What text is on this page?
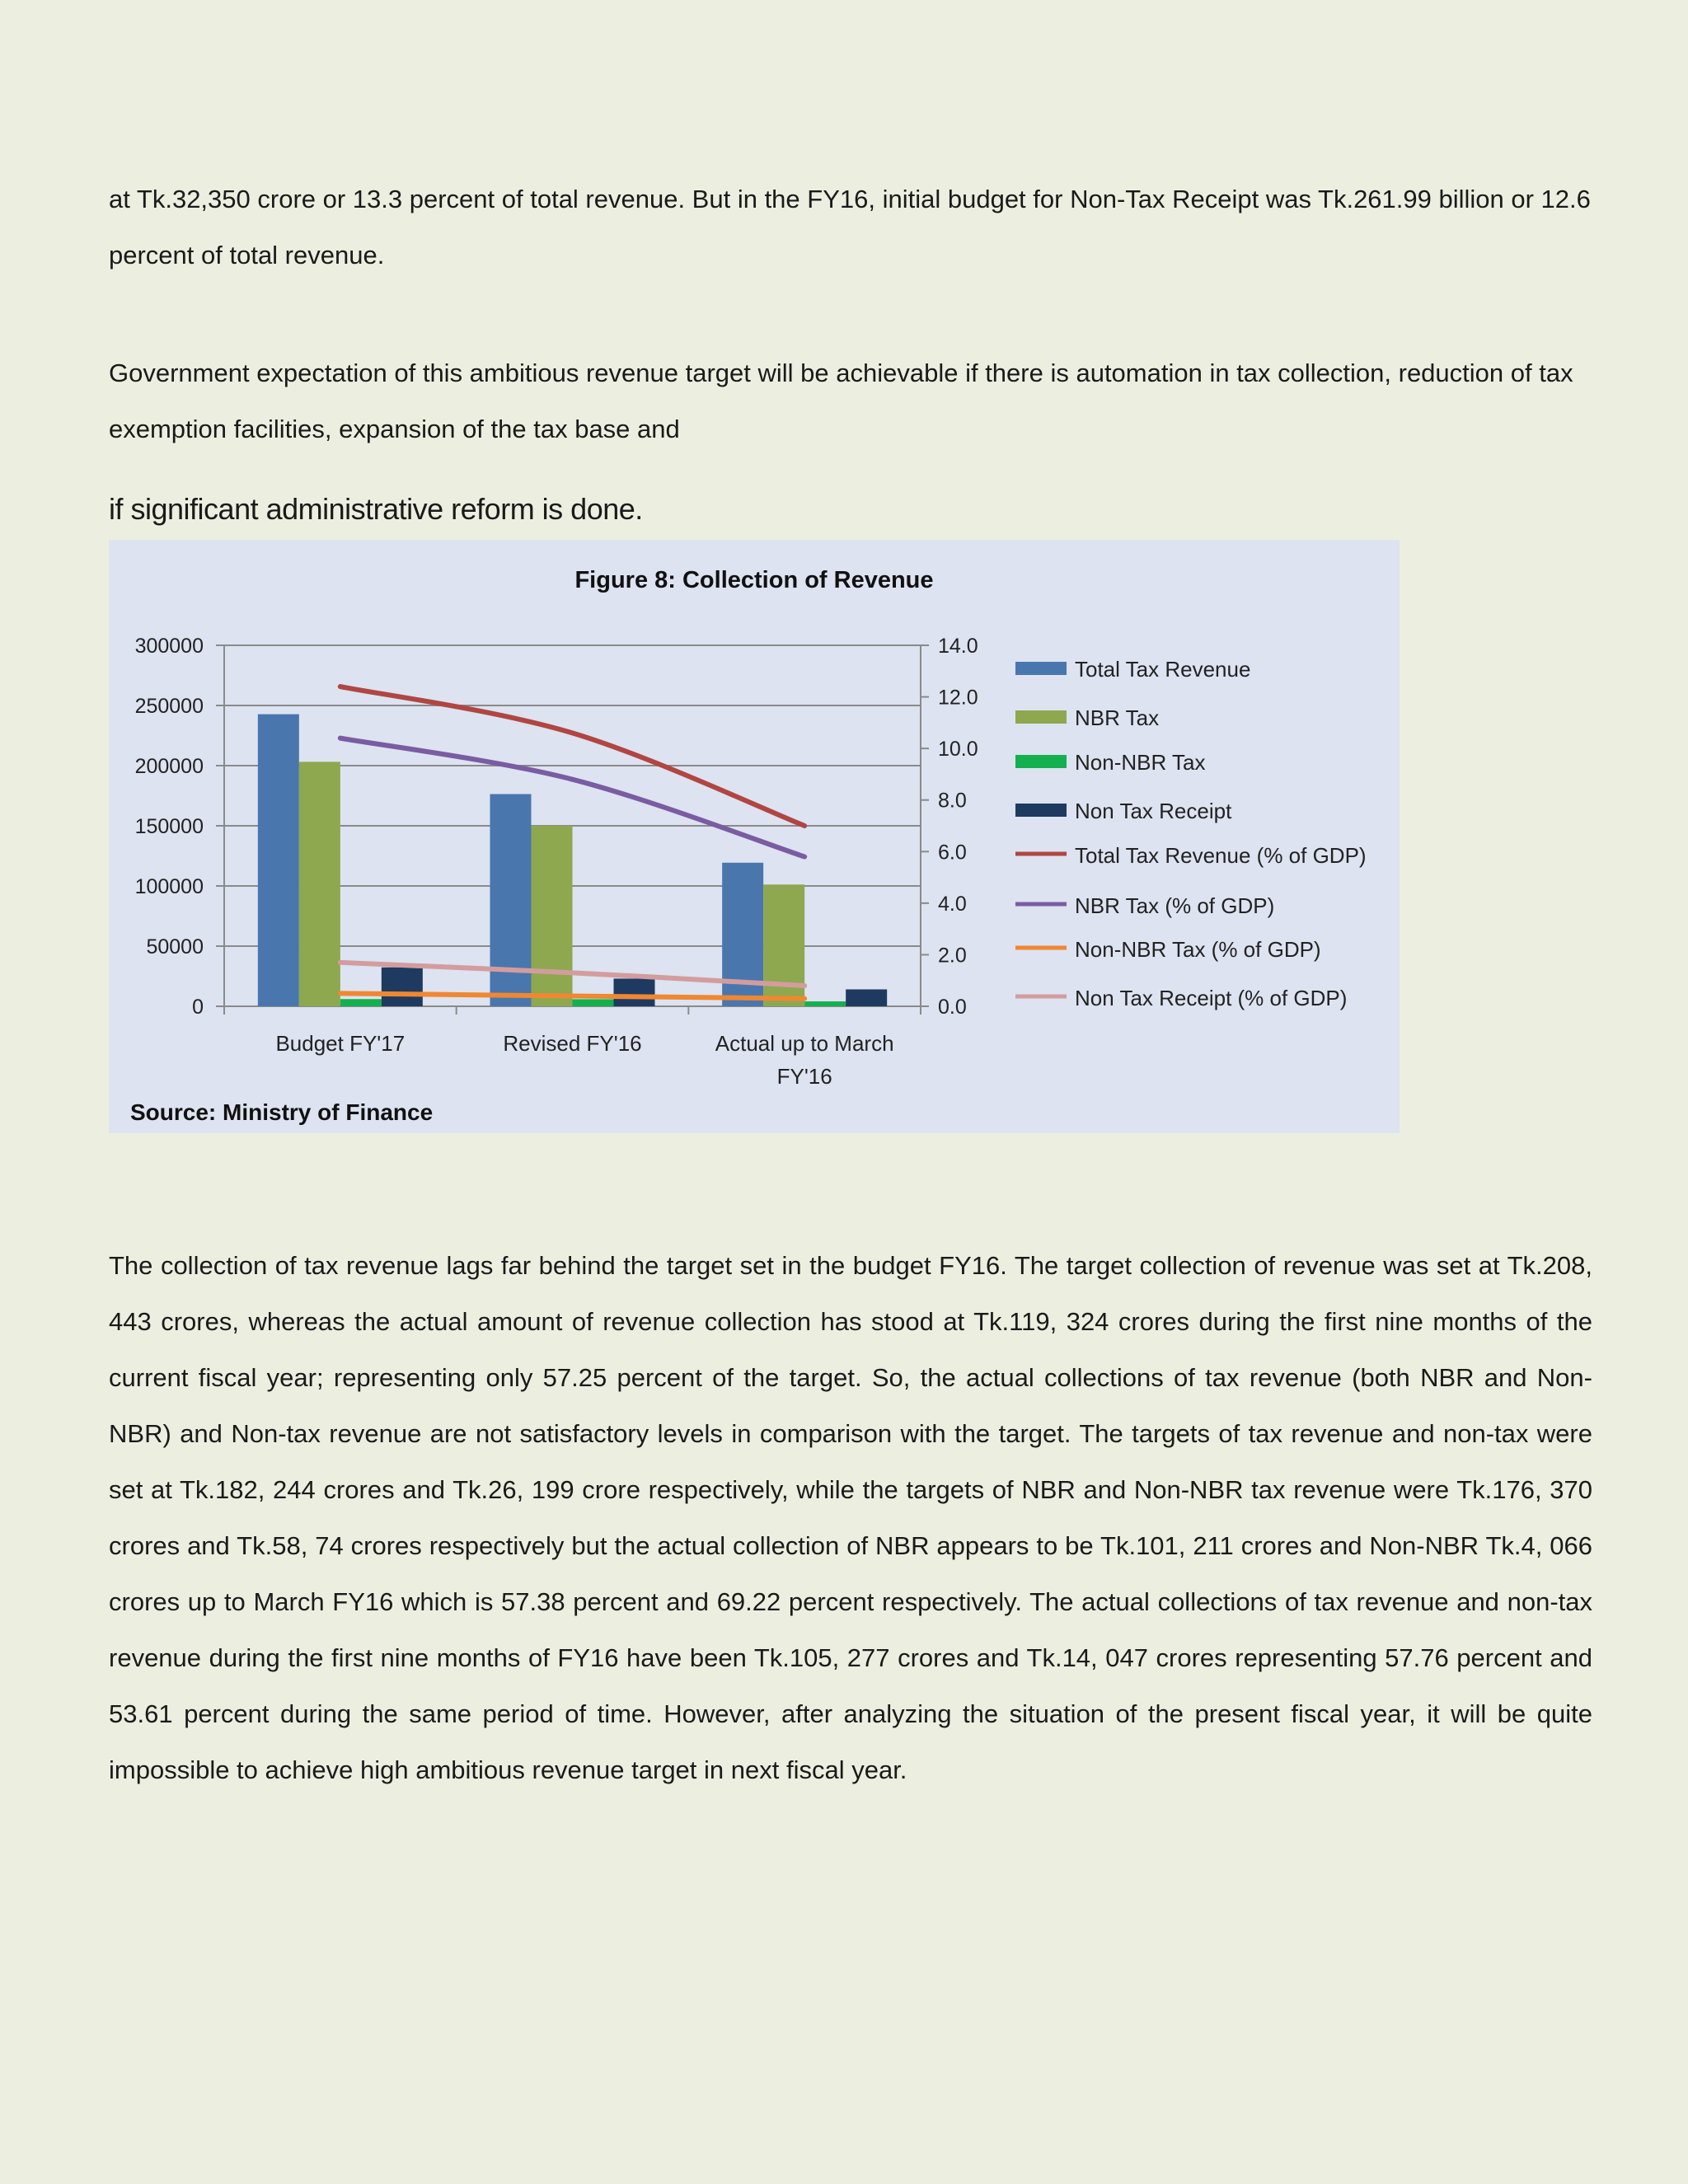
at Tk.32,350 crore or 13.3 percent of total revenue. But in the FY16, initial budget for Non-Tax Receipt was Tk.261.99 billion or 12.6 percent of total revenue.

Government expectation of this ambitious revenue target will be achievable if there is automation in tax collection, reduction of tax exemption facilities, expansion of the tax base and

if significant administrative reform is done.

Figure 8: Collection of Revenue
300000
250000
200000
150000
100000
50000
0
14.0
12.0
10.0
8.0
6.0
4.0
2.0
0.0
Budget FY'17	Revised FY'16	Actual up to March
FY'16
Total Tax Revenue
NBR Tax
Non-NBR Tax
Non Tax Receipt
Total Tax Revenue (% of GDP)
NBR Tax (% of GDP)
Non-NBR Tax (% of GDP)
Non Tax Receipt (% of GDP)
Source: Ministry of Finance

The collection of tax revenue lags far behind the target set in the budget FY16. The target collection of revenue was set at Tk.208, 443 crores, whereas the actual amount of revenue collection has stood at Tk.119, 324 crores during the first nine months of the current fiscal year; representing only 57.25 percent of the target. So, the actual collections of tax revenue (both NBR and Non-NBR) and Non-tax revenue are not satisfactory levels in comparison with the target. The targets of tax revenue and non-tax were set at Tk.182, 244 crores and Tk.26, 199 crore respectively, while the targets of NBR and Non-NBR tax revenue were Tk.176, 370 crores and Tk.58, 74 crores respectively but the actual collection of NBR appears to be Tk.101, 211 crores and Non-NBR Tk.4, 066 crores up to March FY16 which is 57.38 percent and 69.22 percent respectively. The actual collections of tax revenue and non-tax revenue during the first nine months of FY16 have been Tk.105, 277 crores and Tk.14, 047 crores representing 57.76 percent and 53.61 percent during the same period of time. However, after analyzing the situation of the present fiscal year, it will be quite impossible to achieve high ambitious revenue target in next fiscal year.
